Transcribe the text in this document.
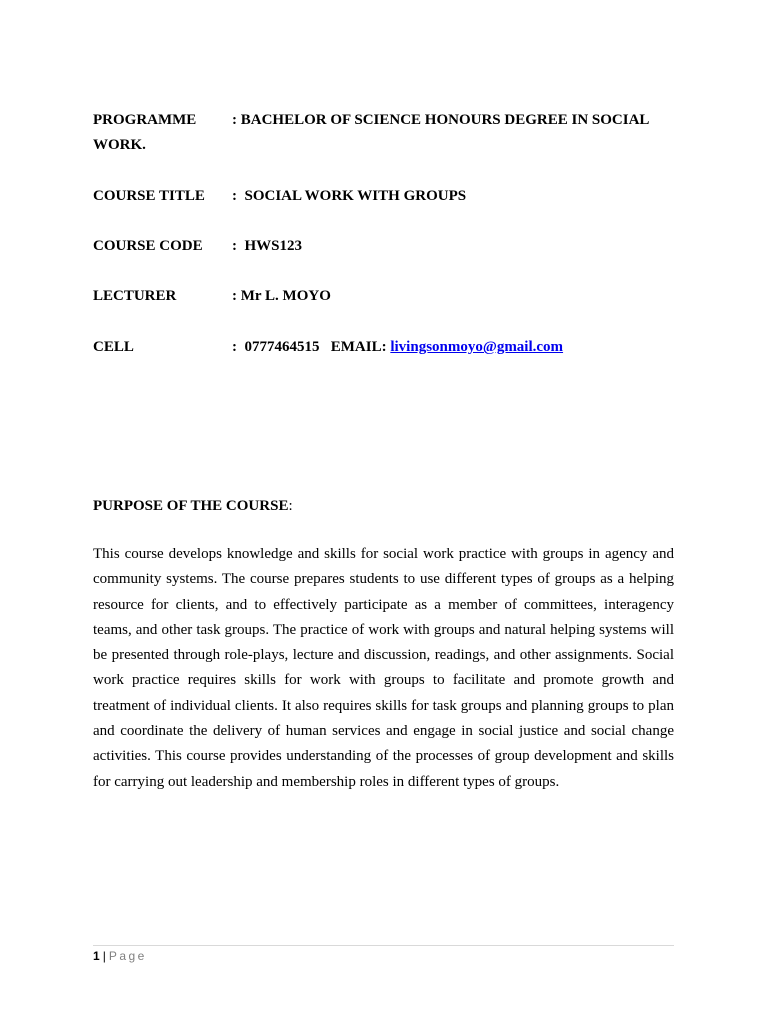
PROGRAMME : BACHELOR OF SCIENCE HONOURS DEGREE IN SOCIAL WORK.
COURSE TITLE :  SOCIAL WORK WITH GROUPS
COURSE CODE :  HWS123
LECTURER	: Mr L. MOYO
CELL	:  0777464515   EMAIL: livingsonmoyo@gmail.com
PURPOSE OF THE COURSE:

This course develops knowledge and skills for social work practice with groups in agency and community systems. The course prepares students to use different types of groups as a helping resource for clients, and to effectively participate as a member of committees, interagency teams, and other task groups. The practice of work with groups and natural helping systems will be presented through role-plays, lecture and discussion, readings, and other assignments. Social work practice requires skills for work with groups to facilitate and promote growth and treatment of individual clients. It also requires skills for task groups and planning groups to plan and coordinate the delivery of human services and engage in social justice and social change activities. This course provides understanding of the processes of group development and skills for carrying out leadership and membership roles in different types of groups.

1 | Page
